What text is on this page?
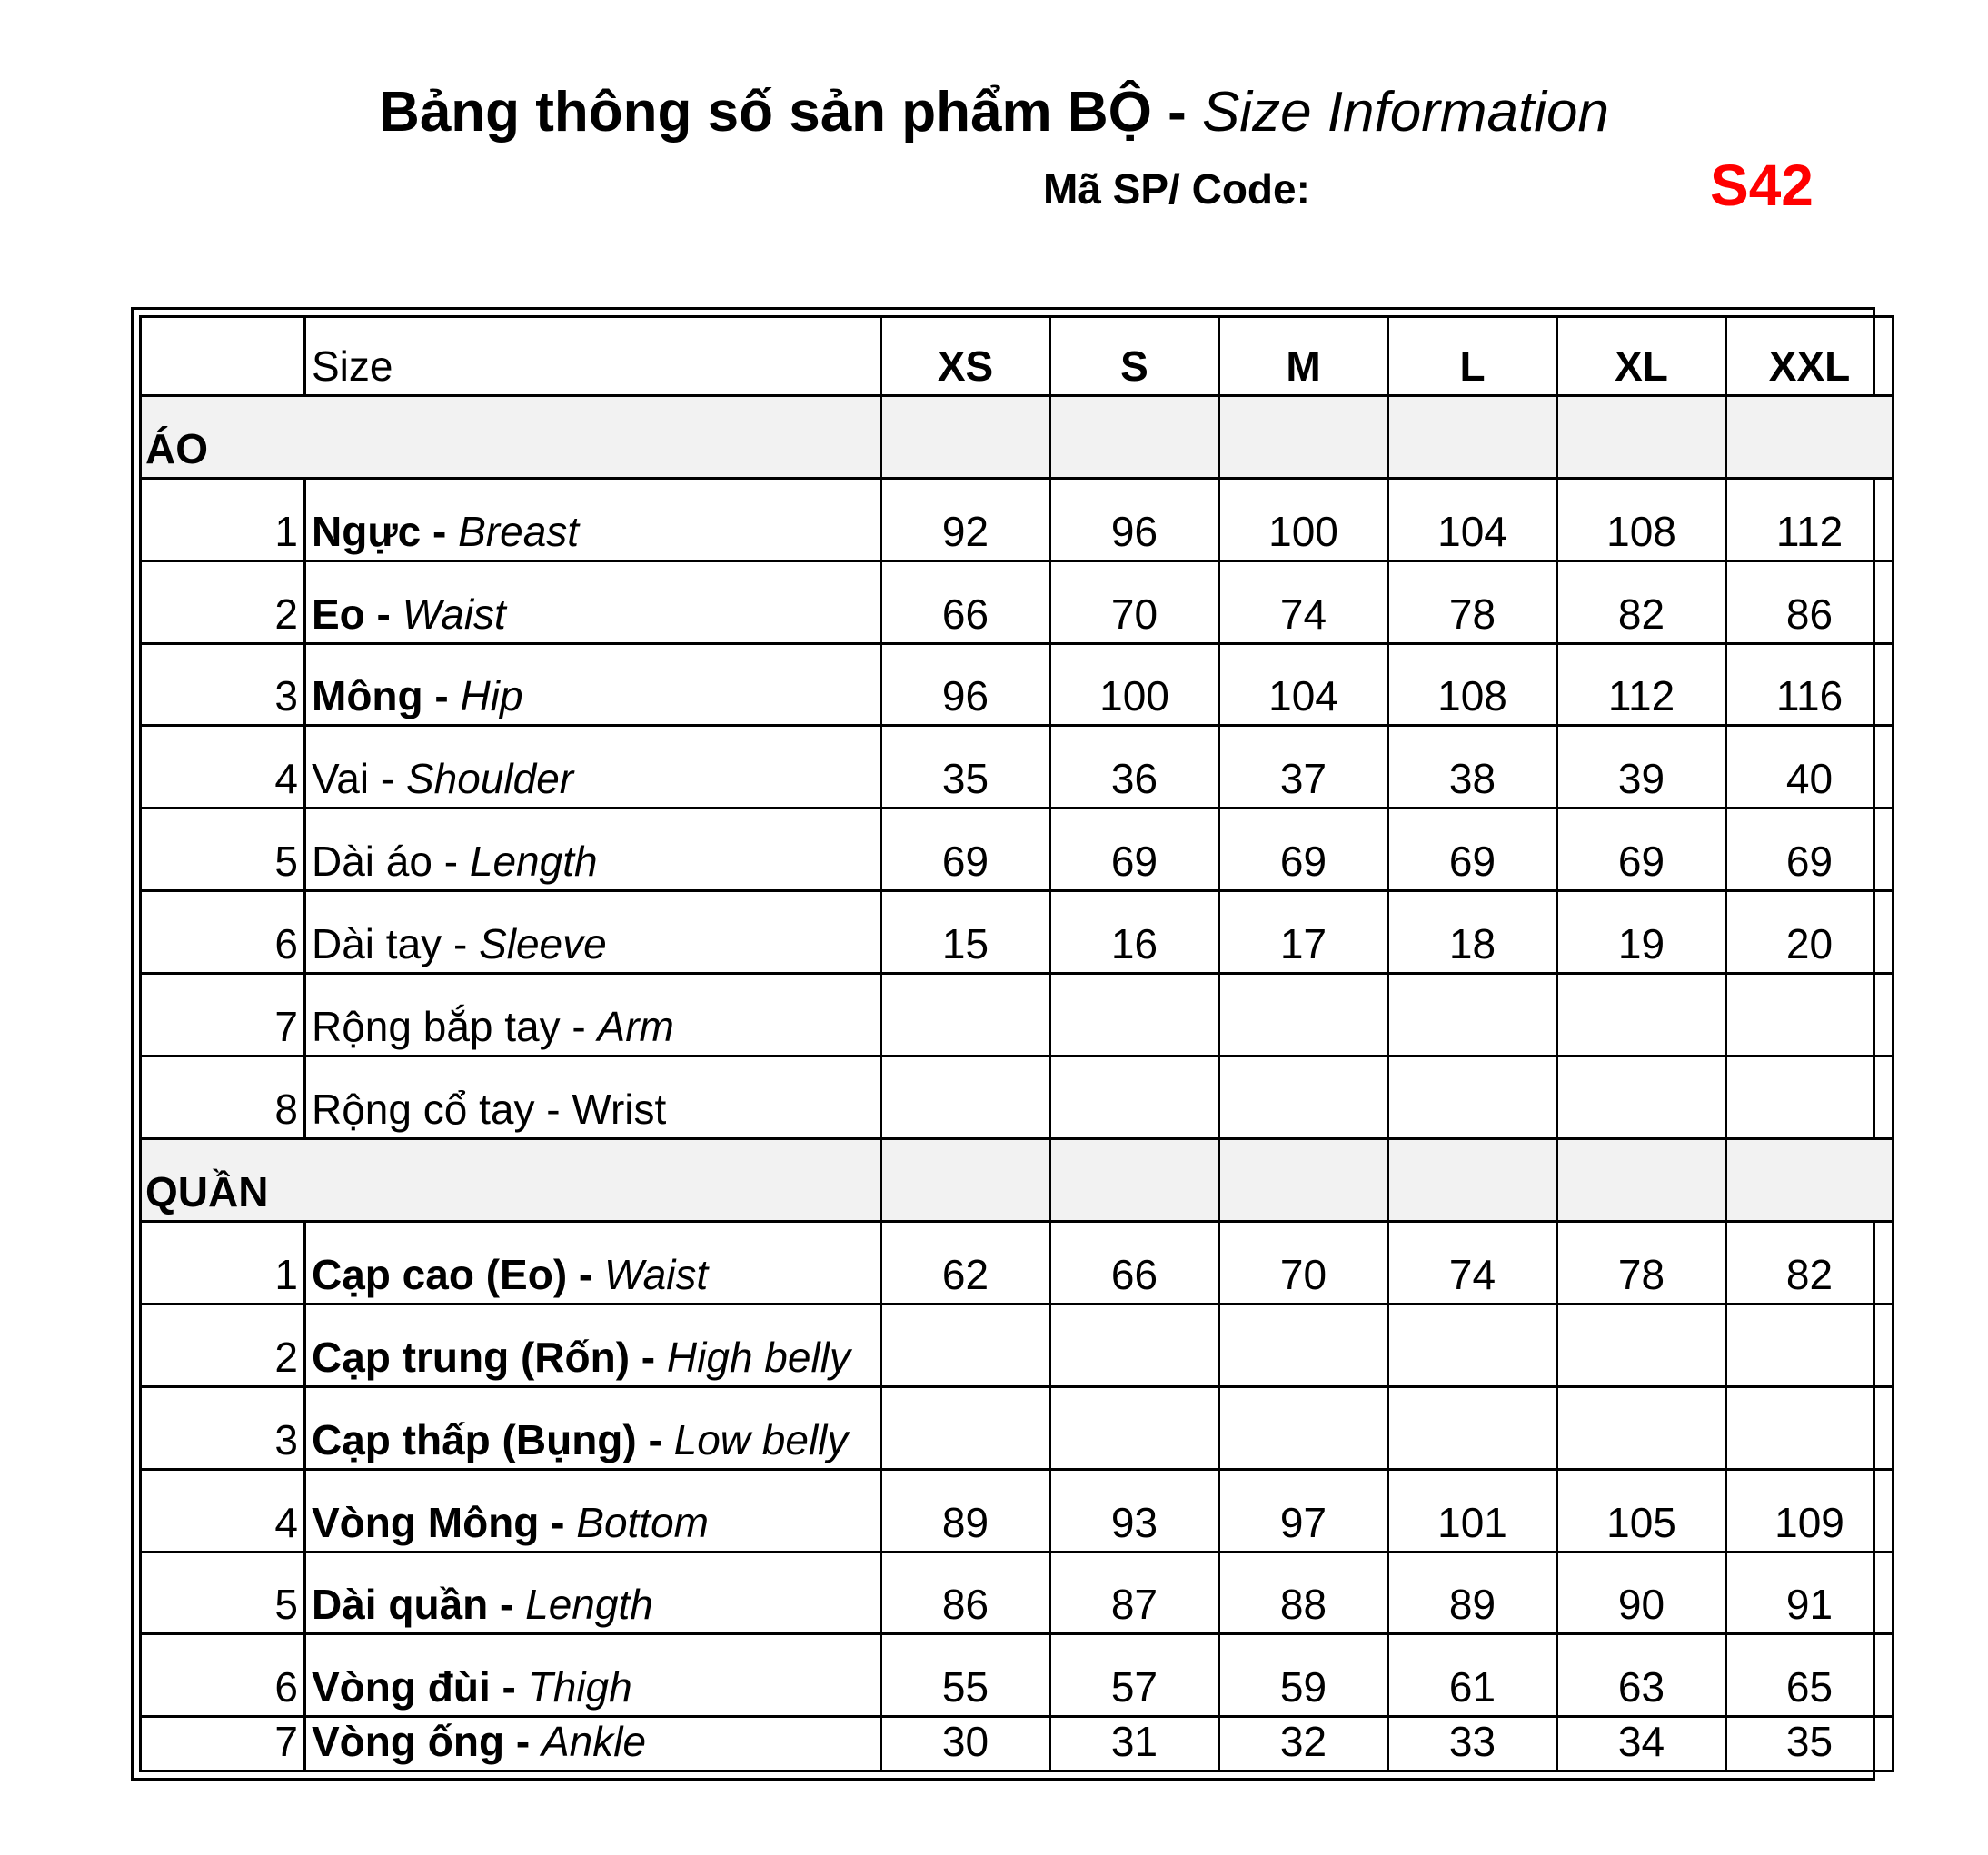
Bảng thông số sản phẩm BỘ - Size Information
Mã SP/ Code:	S42
	Size	XS	S	M	L	XL	XXL
ÁO							
1	Ngực - Breast	92	96	100	104	108	112
2	Eo - Waist	66	70	74	78	82	86
3	Mông - Hip	96	100	104	108	112	116
4	Vai - Shoulder	35	36	37	38	39	40
5	Dài áo - Length	69	69	69	69	69	69
6	Dài tay - Sleeve	15	16	17	18	19	20
7	Rộng bắp tay - Arm						
8	Rộng cổ tay - Wrist						
QUẦN							
1	Cạp cao (Eo) - Waist	62	66	70	74	78	82
2	Cạp trung (Rốn) - High belly						
3	Cạp thấp (Bụng) - Low belly						
4	Vòng Mông - Bottom	89	93	97	101	105	109
5	Dài quần - Length	86	87	88	89	90	91
6	Vòng đùi - Thigh	55	57	59	61	63	65
7	Vòng ống - Ankle	30	31	32	33	34	35
